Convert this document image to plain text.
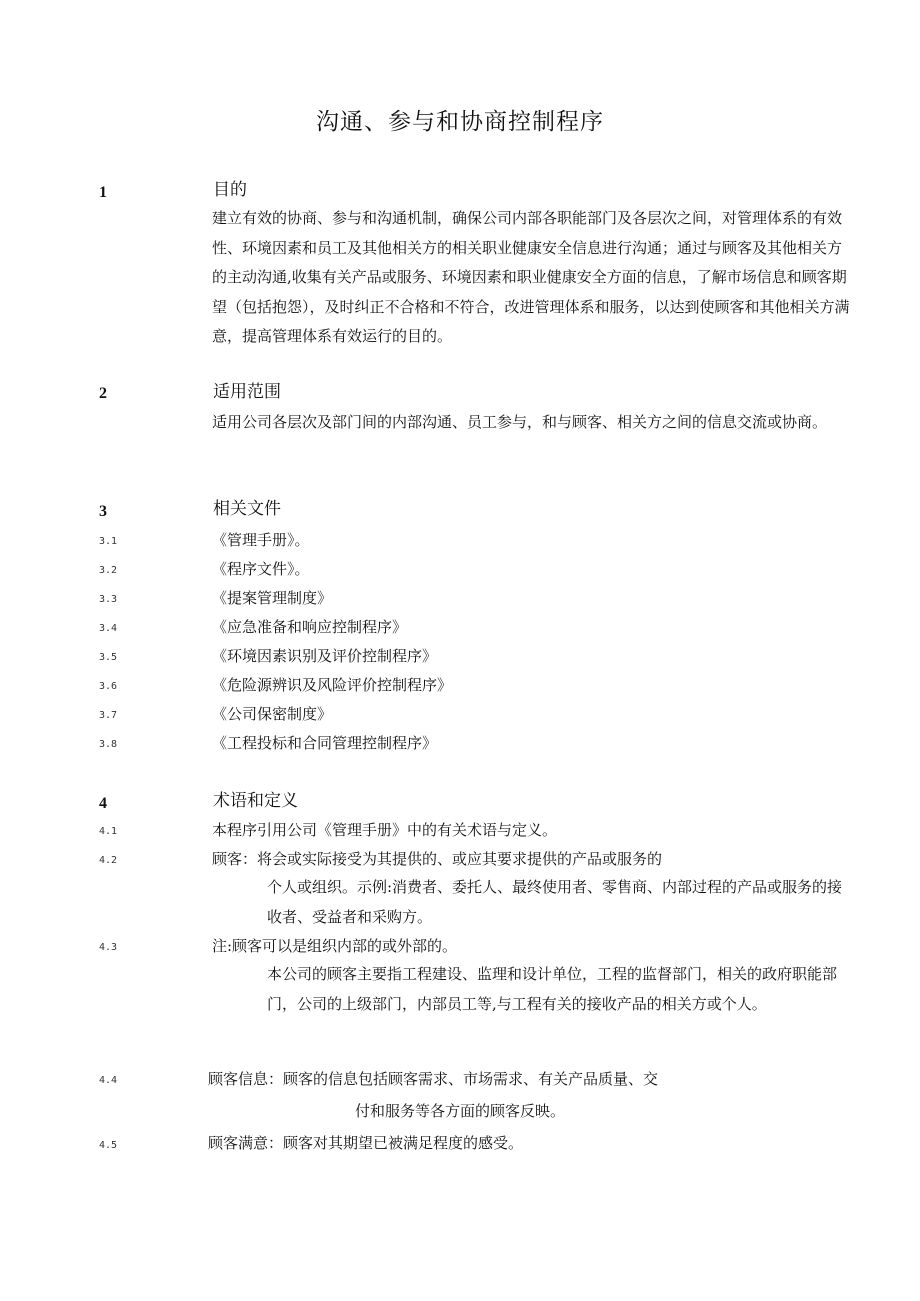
沟通、参与和协商控制程序
1	目的

建立有效的协商、参与和沟通机制，确保公司内部各职能部门及各层次之间，对管理体系的有效性、环境因素和员工及其他相关方的相关职业健康安全信息进行沟通；通过与顾客及其他相关方的主动沟通,收集有关产品或服务、环境因素和职业健康安全方面的信息，了解市场信息和顾客期望（包括抱怨），及时纠正不合格和不符合，改进管理体系和服务，以达到使顾客和其他相关方满意，提高管理体系有效运行的目的。

2	适用范围

适用公司各层次及部门间的内部沟通、员工参与，和与顾客、相关方之间的信息交流或协商。

3	相关文件
3.1	《管理手册》。
3.2	《程序文件》。
3.3	《提案管理制度》
3.4	《应急准备和响应控制程序》
3.5	《环境因素识别及评价控制程序》
3.6	《危险源辨识及风险评价控制程序》
3.7	《公司保密制度》
3.8	《工程投标和合同管理控制程序》
4	术语和定义
4.1	本程序引用公司《管理手册》中的有关术语与定义。
4.2	顾客：将会或实际接受为其提供的、或应其要求提供的产品或服务的

个人或组织。示例:消费者、委托人、最终使用者、零售商、内部过程的产品或服务的接收者、受益者和采购方。

4.3	注:顾客可以是组织内部的或外部的。

本公司的顾客主要指工程建设、监理和设计单位，工程的监督部门，相关的政府职能部门，公司的上级部门，内部员工等,与工程有关的接收产品的相关方或个人。

4.4	顾客信息：顾客的信息包括顾客需求、市场需求、有关产品质量、交
付和服务等各方面的顾客反映。
4.5	顾客满意：顾客对其期望已被满足程度的感受。
